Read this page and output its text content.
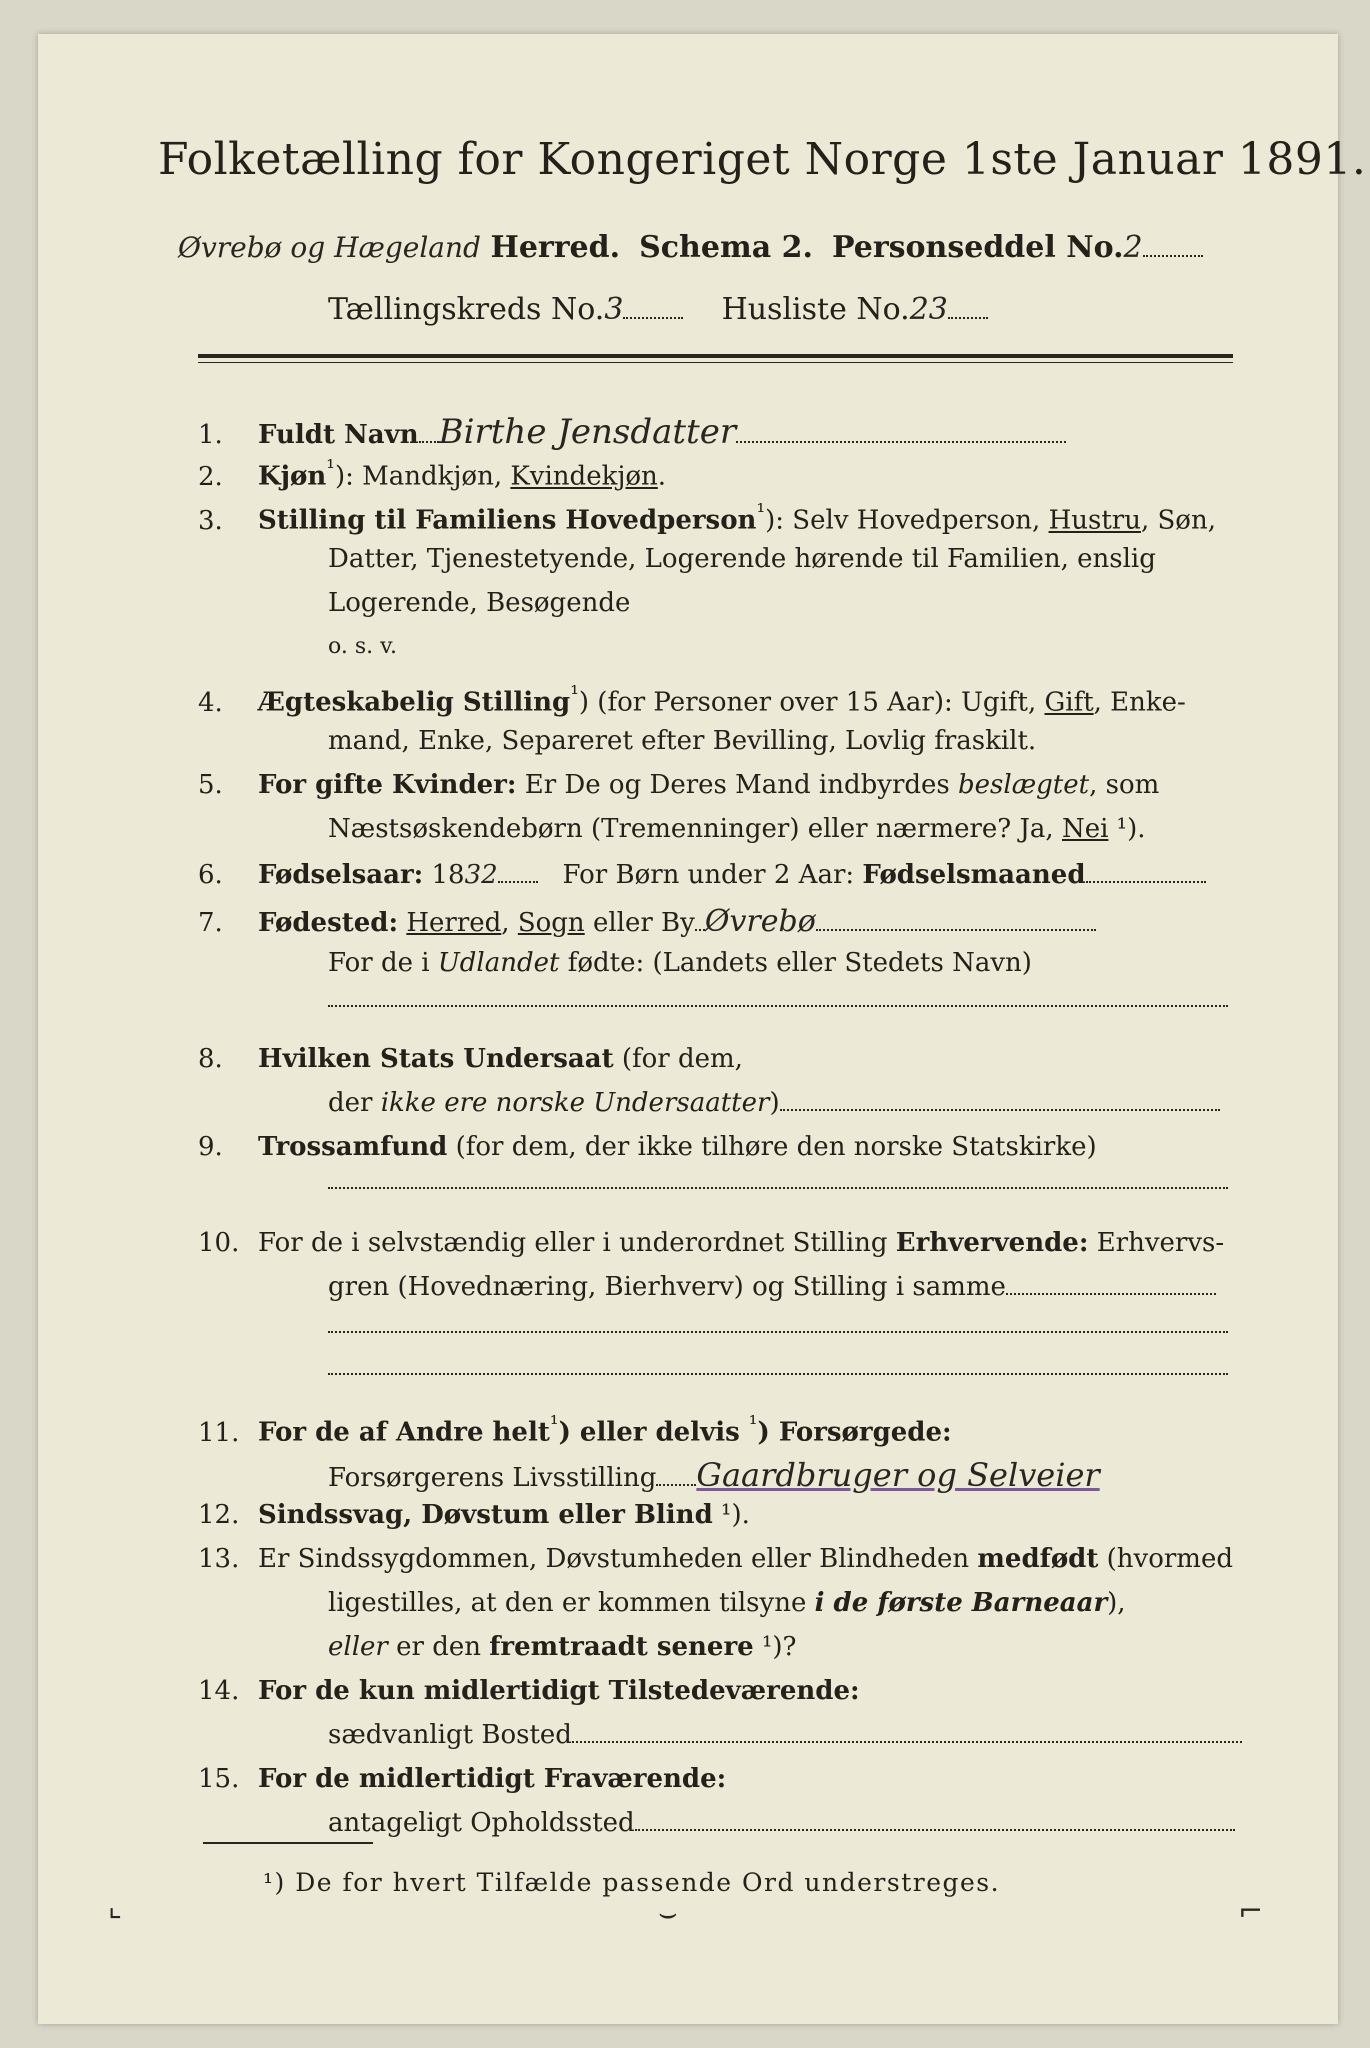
Folketælling for Kongeriget Norge 1ste Januar 1891.
Øvrebø og Hægeland Herred. Schema 2. Personseddel No.2
Tællingskreds No.3	Husliste No.23
1. Fuldt Navn Birthe Jensdatter
2. Kjøn$^{^1}$): Mandkjøn, Kvindekjøn.
3. Stilling til Familiens Hovedperson$^{^1}$): Selv Hovedperson, Hustru, Søn,
Datter, Tjenestetyende, Logerende hørende til Familien, enslig
Logerende, Besøgende
o. s. v.
4. Ægteskabelig Stilling$^{^1}$) (for Personer over 15 Aar): Ugift, Gift, Enke-
mand, Enke, Separeret efter Bevilling, Lovlig fraskilt.
5. For gifte Kvinder: Er De og Deres Mand indbyrdes beslægtet, som
Næstsøskendebørn (Tremenninger) eller nærmere? Ja, Nei ¹).
6. Fødselsaar: 1832 For Børn under 2 Aar: Fødselsmaaned
7. Fødested: Herred, Sogn eller By Øvrebø
For de i Udlandet fødte: (Landets eller Stedets Navn)
8. Hvilken Stats Undersaat (for dem,
der ikke ere norske Undersaatter)
9. Trossamfund (for dem, der ikke tilhøre den norske Statskirke)
10. For de i selvstændig eller i underordnet Stilling Erhvervende: Erhvervs-
gren (Hovednæring, Bierhverv) og Stilling i samme
11. For de af Andre helt$^{^1}$) eller delvis $^{^1}$) Forsørgede:
Forsørgerens Livsstilling Gaardbruger og Selveier
12. Sindssvag, Døvstum eller Blind ¹).
13. Er Sindssygdommen, Døvstumheden eller Blindheden medfødt (hvormed
ligestilles, at den er kommen tilsyne i de første Barneaar),
eller er den fremtraadt senere ¹)?
14. For de kun midlertidigt Tilstedeværende:
sædvanligt Bosted
15. For de midlertidigt Fraværende:
antageligt Opholdssted
¹) De for hvert Tilfælde passende Ord understreges.
⌞	⌣	⌐
